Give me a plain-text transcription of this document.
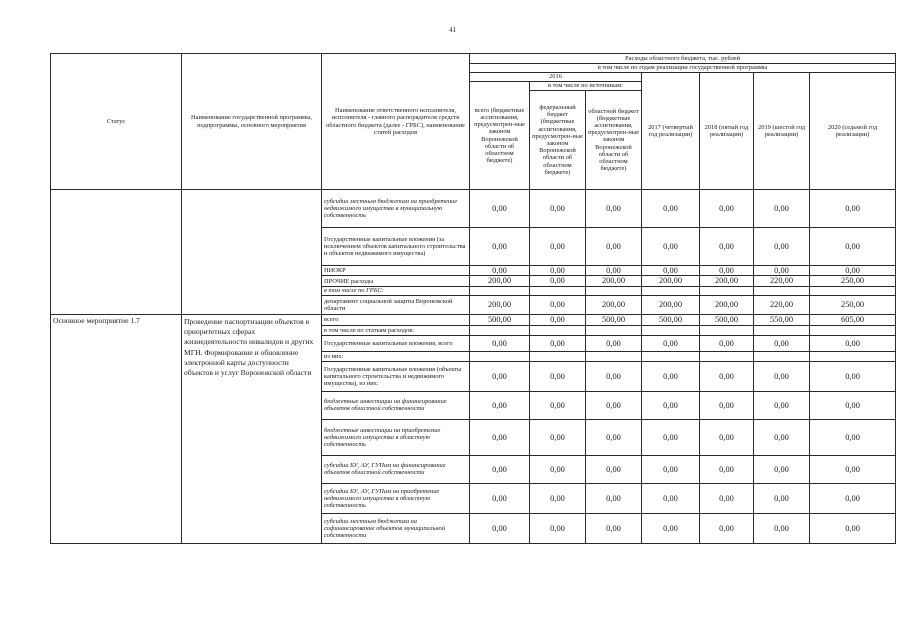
41
Статус	Наименование государственной программы, подпрограммы, основного мероприятия	Наименование ответственного исполнителя, исполнителя - главного распорядителя средств областного бюджета (далее - ГРБС), наименование статей расходов	Расходы областного бюджета, тыс. рублей						
			в том числе по годам реализации государственной программы						
			2016			2017 (четвертый год реализации)	2018 (пятый год реализации)	2019 (шестой год реализации)	2020 (седьмой год реализации)
			всего (бюджетные ассигнования, предусмотрен-ные законом Воронежской области об областном бюджете)	в том числе по источникам:					
				федеральный бюджет (бюджетные ассигнования, предусмотрен-ные законом Воронежской области об областном бюджете)	областной бюджет (бюджетные ассигнования, предусмотрен-ные законом Воронежской области об областном бюджете)				
		субсидии местным бюджетам на приобретение недвижимого имущества в муниципальную собственность	0,00	0,00	0,00	0,00	0,00	0,00	0,00
		Государственные капитальные вложения (за исключением объектов капитального строительства и объектов недвижимого имущества)	0,00	0,00	0,00	0,00	0,00	0,00	0,00
		НИОКР	0,00	0,00	0,00	0,00	0,00	0,00	0,00
		ПРОЧИЕ расходы	200,00	0,00	200,00	200,00	200,00	220,00	250,00
		в том числе по ГРБС:							
		департамент социальной защиты Воронежской области	200,00	0,00	200,00	200,00	200,00	220,00	250,00
Основное мероприятие 1.7	Проведение паспортизации объектов в приоритетных сферах жизнедеятельности инвалидов и других МГН. Формирование и обновление электронной карты доступности объектов и услуг Воронежской области	всего	500,00	0,00	500,00	500,00	500,00	550,00	605,00
		в том числе по статьям расходов:							
		Государственные капитальные вложения, всего	0,00	0,00	0,00	0,00	0,00	0,00	0,00
		из них:							
		Государственные капитальные вложения (объекты капитального строительства и недвижимого имущества), из них:	0,00	0,00	0,00	0,00	0,00	0,00	0,00
		бюджетные инвестиции на финансирование объектов областной собственности	0,00	0,00	0,00	0,00	0,00	0,00	0,00
		бюджетные инвестиции на приобретение недвижимого имущества в областную собственность	0,00	0,00	0,00	0,00	0,00	0,00	0,00
		субсидии БУ, АУ, ГУПам на финансирование объектов областной собственности	0,00	0,00	0,00	0,00	0,00	0,00	0,00
		субсидии БУ, АУ, ГУПам на приобретение недвижимого имущества в областную собственность	0,00	0,00	0,00	0,00	0,00	0,00	0,00
		субсидии местным бюджетам на софинансирование объектов муниципальной собственности	0,00	0,00	0,00	0,00	0,00	0,00	0,00
